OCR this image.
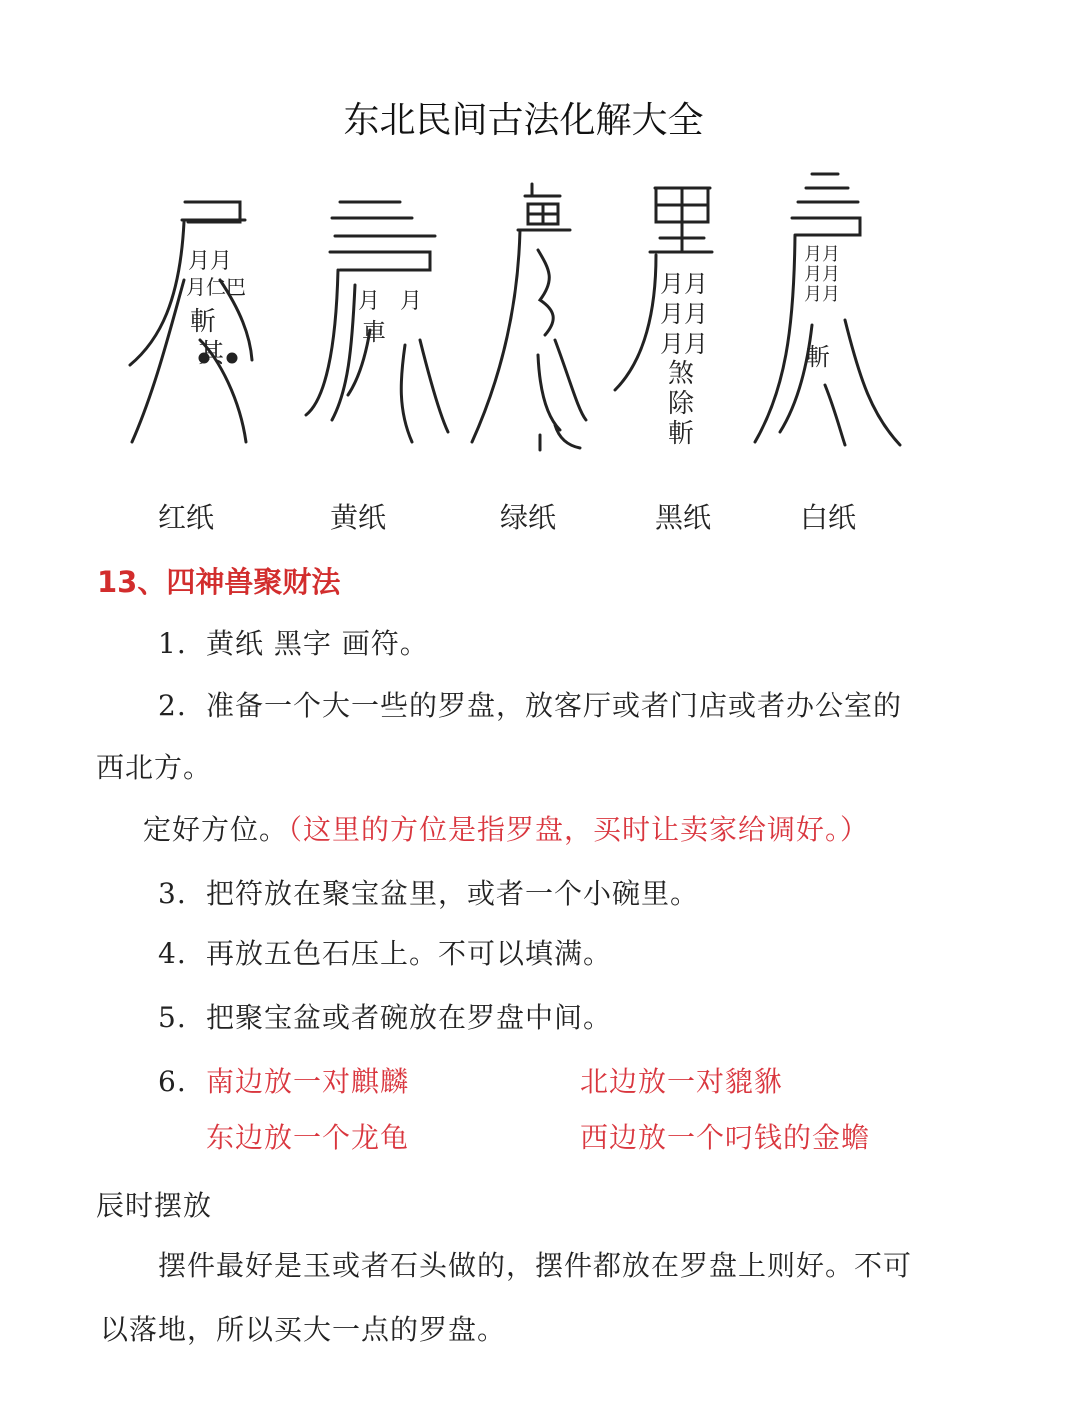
东北民间古法化解大全
月月
月仁巴
斬
其
月 月
車
月月
月月
月月
煞
除
斬
月月
月月
月月
斬
红纸	黄纸	绿纸	黑纸	白纸
13、四神兽聚财法
1. 黄纸 黑字 画符。
2. 准备一个大一些的罗盘，放客厅或者门店或者办公室的
西北方。
定好方位。（这里的方位是指罗盘，买时让卖家给调好。）
3. 把符放在聚宝盆里，或者一个小碗里。
4. 再放五色石压上。不可以填满。
5. 把聚宝盆或者碗放在罗盘中间。
6. 南边放一对麒麟	北边放一对貔貅
东边放一个龙龟	西边放一个叼钱的金蟾
辰时摆放
摆件最好是玉或者石头做的，摆件都放在罗盘上则好。不可
以落地，所以买大一点的罗盘。
